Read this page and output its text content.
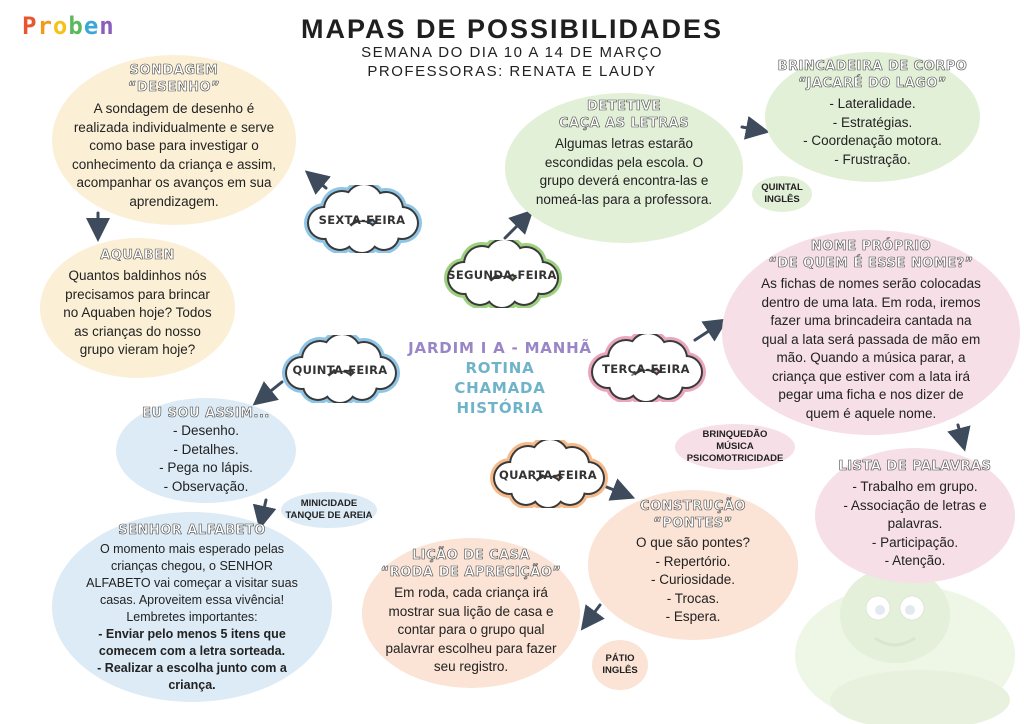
Proben	MAPAS DE POSSIBILIDADES
SEMANA DO DIA 10 A 14 DE MARÇO
PROFESSORAS: RENATA E LAUDY
SONDAGEM
“DESENHO”
A sondagem de desenho é
realizada individualmente e serve
como base para investigar o
conhecimento da criança e assim,
acompanhar os avanços em sua
aprendizagem.
AQUABEN
Quantos baldinhos nós
precisamos para brincar
no Aquaben hoje? Todos
as crianças do nosso
grupo vieram hoje?
DETETIVE
CAÇA AS LETRAS
Algumas letras estarão
escondidas pela escola. O
grupo deverá encontra-las e
nomeá-las para a professora.
BRINCADEIRA DE CORPO
“JACARÉ DO LAGO”
- Lateralidade.
- Estratégias.
- Coordenação motora.
- Frustração.
NOME PRÓPRIO
“DE QUEM É ESSE NOME?”
As fichas de nomes serão colocadas
dentro de uma lata. Em roda, iremos
fazer uma brincadeira cantada na
qual a lata será passada de mão em
mão. Quando a música parar, a
criança que estiver com a lata irá
pegar uma ficha e nos dizer de
quem é aquele nome.
LISTA DE PALAVRAS
- Trabalho em grupo.
- Associação de letras e
palavras.
- Participação.
- Atenção.
EU SOU ASSIM...
- Desenho.
- Detalhes.
- Pega no lápis.
- Observação.
SENHOR ALFABETO
O momento mais esperado pelas
crianças chegou, o SENHOR
ALFABETO vai começar a visitar suas
casas. Aproveitem essa vivência!
Lembretes importantes:
- Enviar pelo menos 5 itens que
comecem com a letra sorteada.
- Realizar a escolha junto com a
criança.
CONSTRUÇÃO
“PONTES”
O que são pontes?
- Repertório.
- Curiosidade.
- Trocas.
- Espera.
LIÇÃO DE CASA
“RODA DE APRECIÇÃO”
Em roda, cada criança irá
mostrar sua lição de casa e
contar para o grupo qual
palavrar escolheu para fazer
seu registro.
QUINTAL
INGLÊS
BRINQUEDÃO
MÚSICA
PSICOMOTRICIDADE
MINICIDADE
TANQUE DE AREIA
PÁTIO
INGLÊS
JARDIM I A - MANHÃ
ROTINA
CHAMADA
HISTÓRIA
SEXTA-FEIRA
SEGUNDA-FEIRA
TERÇA-FEIRA
QUINTA-FEIRA
QUARTA-FEIRA
